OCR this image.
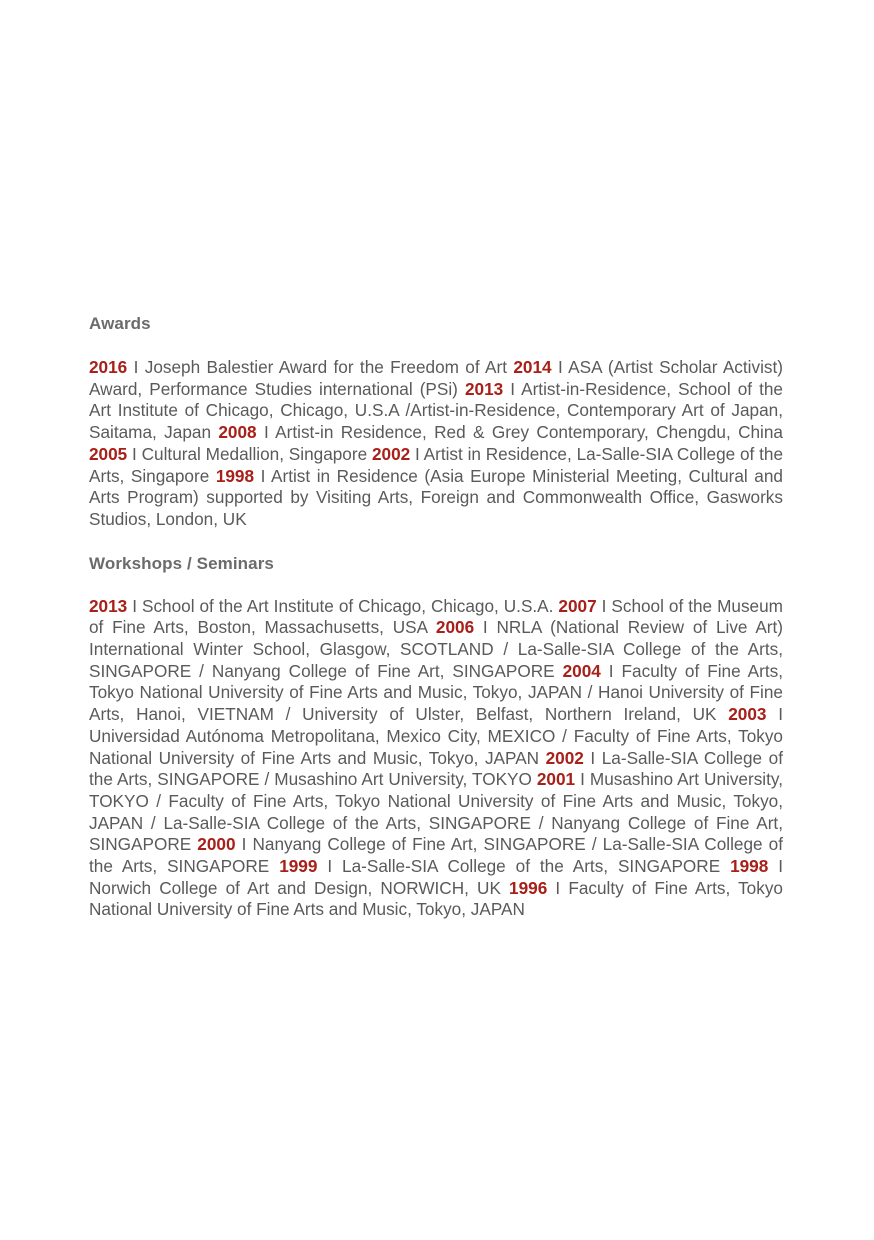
Awards

2016 I Joseph Balestier Award for the Freedom of Art 2014 I ASA (Artist Scholar Activist) Award, Performance Studies international (PSi) 2013 I Artist-in-Residence, School of the Art Institute of Chicago, Chicago, U.S.A /Artist-in-Residence, Contemporary Art of Japan, Saitama, Japan 2008 I Artist-in Residence, Red & Grey Contemporary, Chengdu, China 2005 I Cultural Medallion, Singapore 2002 I Artist in Residence, La-Salle-SIA College of the Arts, Singapore 1998 I Artist in Residence (Asia Europe Ministerial Meeting, Cultural and Arts Program) supported by Visiting Arts, Foreign and Commonwealth Office, Gasworks Studios, London, UK

Workshops / Seminars

2013 I School of the Art Institute of Chicago, Chicago, U.S.A. 2007 I School of the Museum of Fine Arts, Boston, Massachusetts, USA 2006 I NRLA (National Review of Live Art) International Winter School, Glasgow, SCOTLAND / La-Salle-SIA College of the Arts, SINGAPORE / Nanyang College of Fine Art, SINGAPORE 2004 I Faculty of Fine Arts, Tokyo National University of Fine Arts and Music, Tokyo, JAPAN / Hanoi University of Fine Arts, Hanoi, VIETNAM / University of Ulster, Belfast, Northern Ireland, UK 2003 I Universidad Autónoma Metropolitana, Mexico City, MEXICO / Faculty of Fine Arts, Tokyo National University of Fine Arts and Music, Tokyo, JAPAN 2002 I La-Salle-SIA College of the Arts, SINGAPORE / Musashino Art University, TOKYO 2001 I Musashino Art University, TOKYO / Faculty of Fine Arts, Tokyo National University of Fine Arts and Music, Tokyo, JAPAN / La-Salle-SIA College of the Arts, SINGAPORE / Nanyang College of Fine Art, SINGAPORE 2000 I Nanyang College of Fine Art, SINGAPORE / La-Salle-SIA College of the Arts, SINGAPORE 1999 I La-Salle-SIA College of the Arts, SINGAPORE 1998 I Norwich College of Art and Design, NORWICH, UK 1996 I Faculty of Fine Arts, Tokyo National University of Fine Arts and Music, Tokyo, JAPAN
